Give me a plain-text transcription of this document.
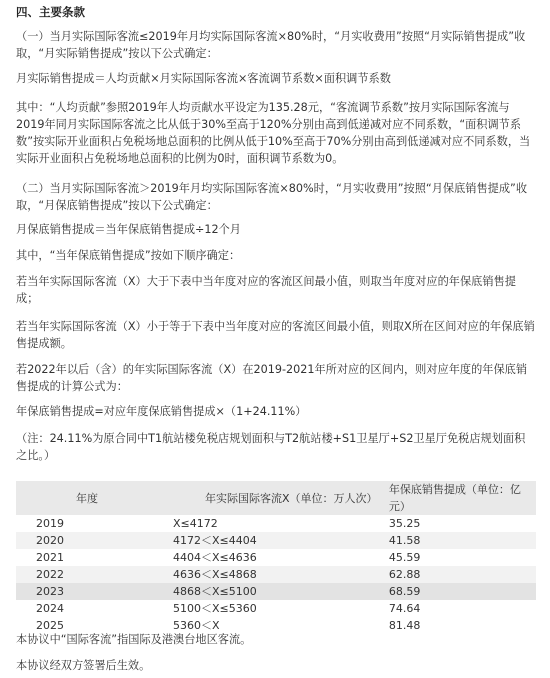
四、主要条款
（一）当月实际国际客流≤2019年月均实际国际客流×80%时，“月实收费用”按照“月实际销售提成”收取，“月实际销售提成”按以下公式确定：
月实际销售提成＝人均贡献×月实际国际客流×客流调节系数×面积调节系数
其中：“人均贡献”参照2019年人均贡献水平设定为135.28元，“客流调节系数”按月实际国际客流与2019年同月实际国际客流之比从低于30%至高于120%分别由高到低递减对应不同系数，“面积调节系数”按实际开业面积占免税场地总面积的比例从低于10%至高于70%分别由高到低递减对应不同系数，当实际开业面积占免税场地总面积的比例为0时，面积调节系数为0。
（二）当月实际国际客流＞2019年月均实际国际客流×80%时，“月实收费用”按照“月保底销售提成”收取，“月保底销售提成”按以下公式确定：
月保底销售提成＝当年保底销售提成÷12个月
其中，“当年保底销售提成”按如下顺序确定：
若当年实际国际客流（X）大于下表中当年度对应的客流区间最小值，则取当年度对应的年保底销售提成；
若当年实际国际客流（X）小于等于下表中当年度对应的客流区间最小值，则取X所在区间对应的年保底销售提成额。
若2022年以后（含）的年实际国际客流（X）在2019-2021年所对应的区间内，则对应年度的年保底销售提成的计算公式为：
年保底销售提成=对应年度保底销售提成×（1+24.11%）
（注：24.11%为原合同中T1航站楼免税店规划面积与T2航站楼+S1卫星厅+S2卫星厅免税店规划面积之比。）
年度	年实际国际客流X（单位：万人次）	年保底销售提成（单位：亿元）
2019	X≤4172	35.25
2020	4172＜X≤4404	41.58
2021	4404＜X≤4636	45.59
2022	4636＜X≤4868	62.88
2023	4868＜X≤5100	68.59
2024	5100＜X≤5360	74.64
2025	5360＜X	81.48
本协议中“国际客流”指国际及港澳台地区客流。
本协议经双方签署后生效。
